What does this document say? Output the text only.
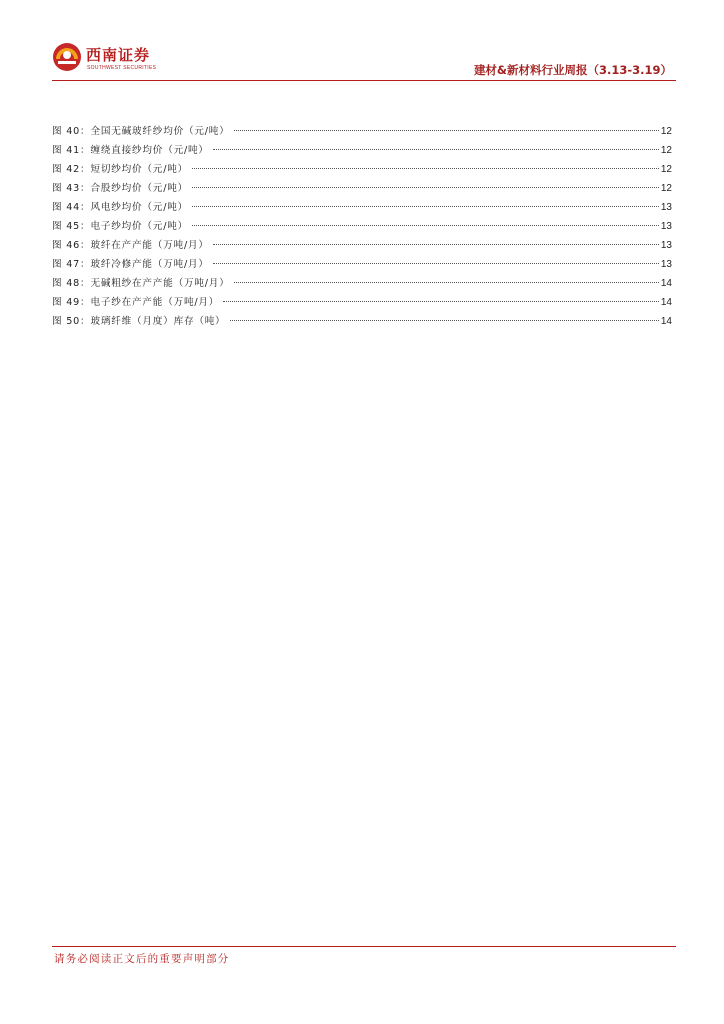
西南证券
SOUTHWEST SECURITIES	建材&新材料行业周报（3.13-3.19）
图 40：全国无碱玻纤纱均价（元/吨）	12
图 41：缠绕直接纱均价（元/吨）	12
图 42：短切纱均价（元/吨）	12
图 43：合股纱均价（元/吨）	12
图 44：风电纱均价（元/吨）	13
图 45：电子纱均价（元/吨）	13
图 46：玻纤在产产能（万吨/月）	13
图 47：玻纤冷修产能（万吨/月）	13
图 48：无碱粗纱在产产能（万吨/月）	14
图 49：电子纱在产产能（万吨/月）	14
图 50：玻璃纤维（月度）库存（吨）	14
请务必阅读正文后的重要声明部分
